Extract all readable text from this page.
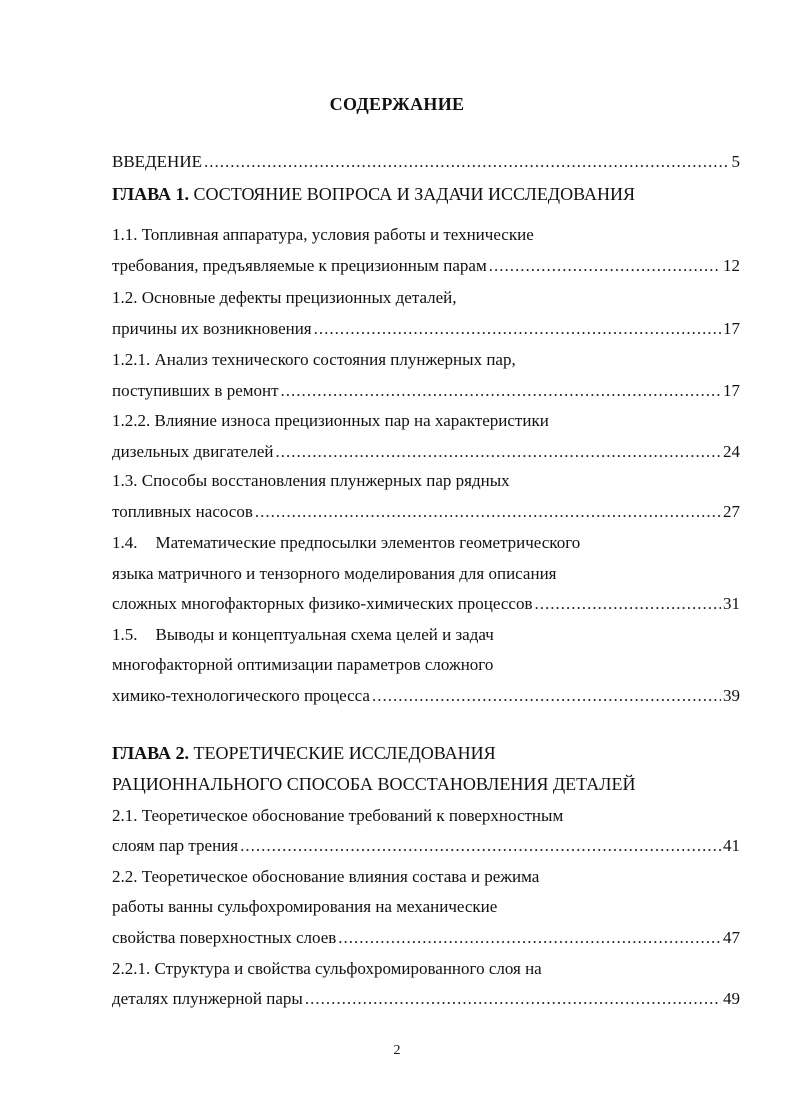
СОДЕРЖАНИЕ
ВВЕДЕНИЕ .....	5
ГЛАВА 1. СОСТОЯНИЕ ВОПРОСА И ЗАДАЧИ ИССЛЕДОВАНИЯ
1.1. Топливная аппаратура, условия работы и технические
требования, предъявляемые к прецизионным парам .....	12
1.2. Основные дефекты прецизионных деталей,
причины их возникновения .....	17
1.2.1. Анализ технического состояния плунжерных пар,
поступивших в ремонт .....	17
1.2.2. Влияние износа прецизионных пар на характеристики
дизельных двигателей .....	24
1.3. Способы восстановления плунжерных пар рядных
топливных насосов .....	27
1.4. Математические предпосылки элементов геометрического
языка матричного и тензорного моделирования для описания
сложных многофакторных физико-химических процессов .....	31
1.5. Выводы и концептуальная схема целей и задач
многофакторной оптимизации параметров сложного
химико-технологического процесса .....	39
ГЛАВА 2. ТЕОРЕТИЧЕСКИЕ ИССЛЕДОВАНИЯ
РАЦИОННАЛЬНОГО СПОСОБА ВОССТАНОВЛЕНИЯ ДЕТАЛЕЙ
2.1. Теоретическое обоснование требований к поверхностным
слоям пар трения .....	41
2.2. Теоретическое обоснование влияния состава и режима
работы ванны сульфохромирования на механические
свойства поверхностных слоев .....	47
2.2.1. Структура и свойства сульфохромированного слоя на
деталях плунжерной пары .....	49
2
